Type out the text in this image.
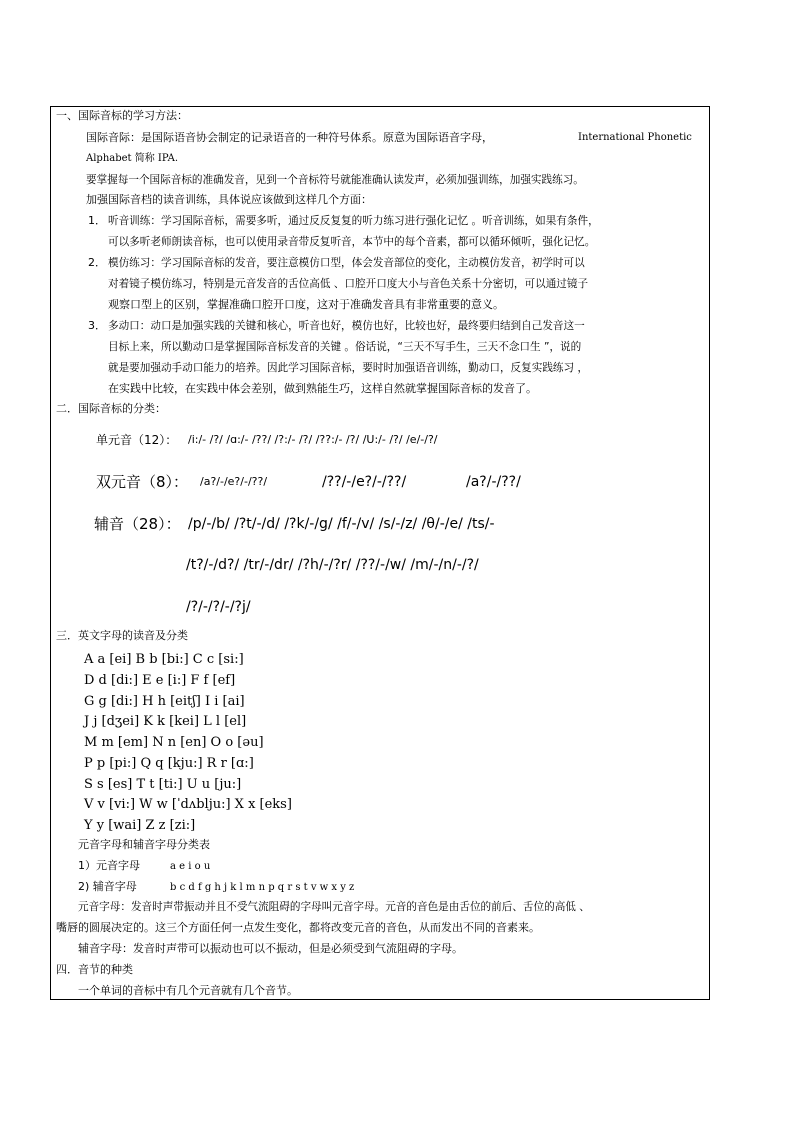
一、国际音标的学习方法：
国际音际：是国际语音协会制定的记录语音的一种符号体系。原意为国际语音字母，	International Phonetic
Alphabet 简称 IPA.
要掌握每一个国际音标的准确发音，见到一个音标符号就能准确认读发声，必须加强训练，加强实践练习。
加强国际音档的读音训练，具体说应该做到这样几个方面：
1． 听音训练：学习国际音标，需要多听，通过反反复复的听力练习进行强化记忆 。听音训练，如果有条件，
可以多听老师朗读音标，也可以使用录音带反复听音，本节中的每个音素，都可以循环倾听，强化记忆。
2． 模仿练习：学习国际音标的发音，要注意模仿口型，体会发音部位的变化，主动模仿发音，初学时可以
对着镜子模仿练习，特别是元音发音的舌位高低 、口腔开口度大小与音色关系十分密切，可以通过镜子
观察口型上的区别，掌握准确口腔开口度，这对于准确发音具有非常重要的意义。
3． 多动口：动口是加强实践的关键和核心，听音也好，模仿也好，比较也好，最终要归结到自己发音这一
目标上来，所以勤动口是掌握国际音标发音的关键 。俗话说，“三天不写手生，三天不念口生 ”，说的
就是要加强动手动口能力的培养。因此学习国际音标，要时时加强语音训练，勤动口，反复实践练习 ，
在实践中比较，在实践中体会差别，做到熟能生巧，这样自然就掌握国际音标的发音了。
二．国际音标的分类：
单元音（12）： /i:/- /?/ /ɑ:/- /??/ /?:/- /?/ /??:/- /?/ /U:/- /?/ /e/-/?/
双元音（8）： /a?/-/e?/-/??/	/??/-/e?/-/??/	/a?/-/??/
辅音（28）： /p/-/b/ /?t/-/d/ /?k/-/g/ /f/-/v/ /s/-/z/ /θ/-/e/ /ts/-
/t?/-/d?/ /tr/-/dr/ /?h/-/?r/ /??/-/w/ /m/-/n/-/?/
/?/-/?/-/?j/
三．英文字母的读音及分类
A a [ei] B b [bi:] C c [si:]
D d [di:] E e [i:] F f [ef]
G g [di:] H h [eitʃ] I i [ai]
J j [dʒei] K k [kei] L l [el]
M m [em] N n [en] O o [əu]
P p [pi:] Q q [kju:] R r [ɑ:]
S s [es] T t [ti:] U u [ju:]
V v [vi:] W w [ˈdʌblju:] X x [eks]
Y y [wai] Z z [zi:]
元音字母和辅音字母分类表
1）元音字母	a e i o u
2) 辅音字母	b c d f g h j k l m n p q r s t v w x y z
元音字母：发音时声带振动并且不受气流阻碍的字母叫元音字母。元音的音色是由舌位的前后、舌位的高低 、
嘴唇的圆展决定的。这三个方面任何一点发生变化，都将改变元音的音色，从而发出不同的音素来。
辅音字母：发音时声带可以振动也可以不振动，但是必须受到气流阻碍的字母。
四．音节的种类
一个单词的音标中有几个元音就有几个音节。
